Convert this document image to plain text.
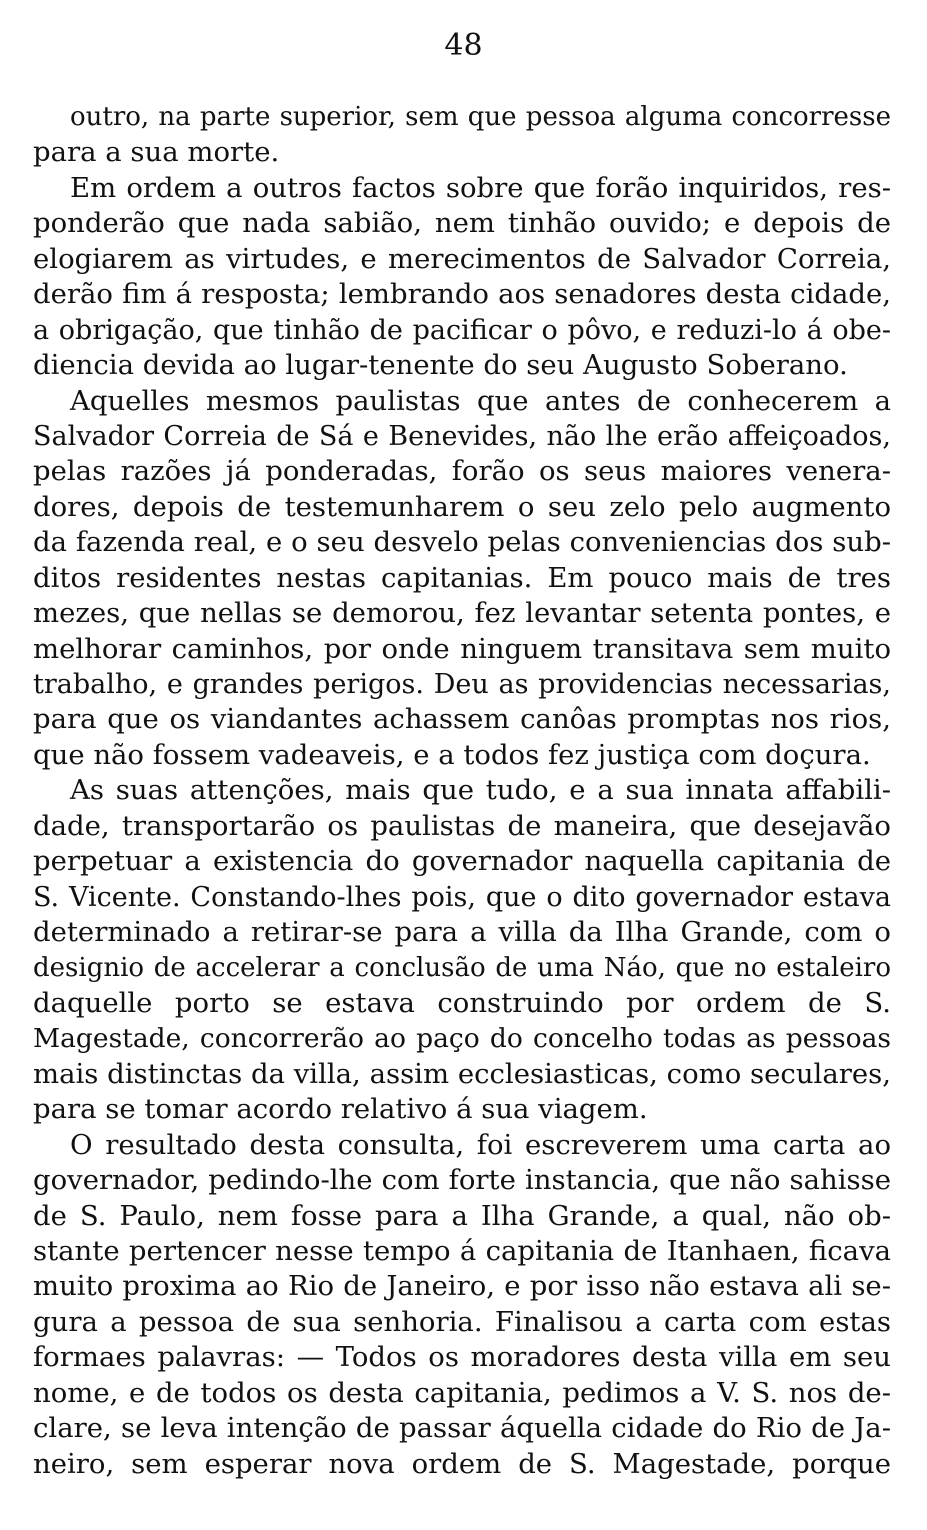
48
outro, na parte superior, sem que pessoa alguma concorresse
para a sua morte.
Em ordem a outros factos sobre que forão inquiridos, res-
ponderão que nada sabião, nem tinhão ouvido; e depois de
elogiarem as virtudes, e merecimentos de Salvador Correia,
derão fim á resposta; lembrando aos senadores desta cidade,
a obrigação, que tinhão de pacificar o pôvo, e reduzi-lo á obe-
diencia devida ao lugar-tenente do seu Augusto Soberano.
Aquelles mesmos paulistas que antes de conhecerem a
Salvador Correia de Sá e Benevides, não lhe erão affeiçoados,
pelas razões já ponderadas, forão os seus maiores venera-
dores, depois de testemunharem o seu zelo pelo augmento
da fazenda real, e o seu desvelo pelas conveniencias dos sub-
ditos residentes nestas capitanias. Em pouco mais de tres
mezes, que nellas se demorou, fez levantar setenta pontes, e
melhorar caminhos, por onde ninguem transitava sem muito
trabalho, e grandes perigos. Deu as providencias necessarias,
para que os viandantes achassem canôas promptas nos rios,
que não fossem vadeaveis, e a todos fez justiça com doçura.
As suas attenções, mais que tudo, e a sua innata affabili-
dade, transportarão os paulistas de maneira, que desejavão
perpetuar a existencia do governador naquella capitania de
S. Vicente. Constando-lhes pois, que o dito governador estava
determinado a retirar-se para a villa da Ilha Grande, com o
designio de accelerar a conclusão de uma Náo, que no estaleiro
daquelle porto se estava construindo por ordem de S.
Magestade, concorrerão ao paço do concelho todas as pessoas
mais distinctas da villa, assim ecclesiasticas, como seculares,
para se tomar acordo relativo á sua viagem.
O resultado desta consulta, foi escreverem uma carta ao
governador, pedindo-lhe com forte instancia, que não sahisse
de S. Paulo, nem fosse para a Ilha Grande, a qual, não ob-
stante pertencer nesse tempo á capitania de Itanhaen, ficava
muito proxima ao Rio de Janeiro, e por isso não estava ali se-
gura a pessoa de sua senhoria. Finalisou a carta com estas
formaes palavras: — Todos os moradores desta villa em seu
nome, e de todos os desta capitania, pedimos a V. S. nos de-
clare, se leva intenção de passar áquella cidade do Rio de Ja-
neiro, sem esperar nova ordem de S. Magestade, porque
